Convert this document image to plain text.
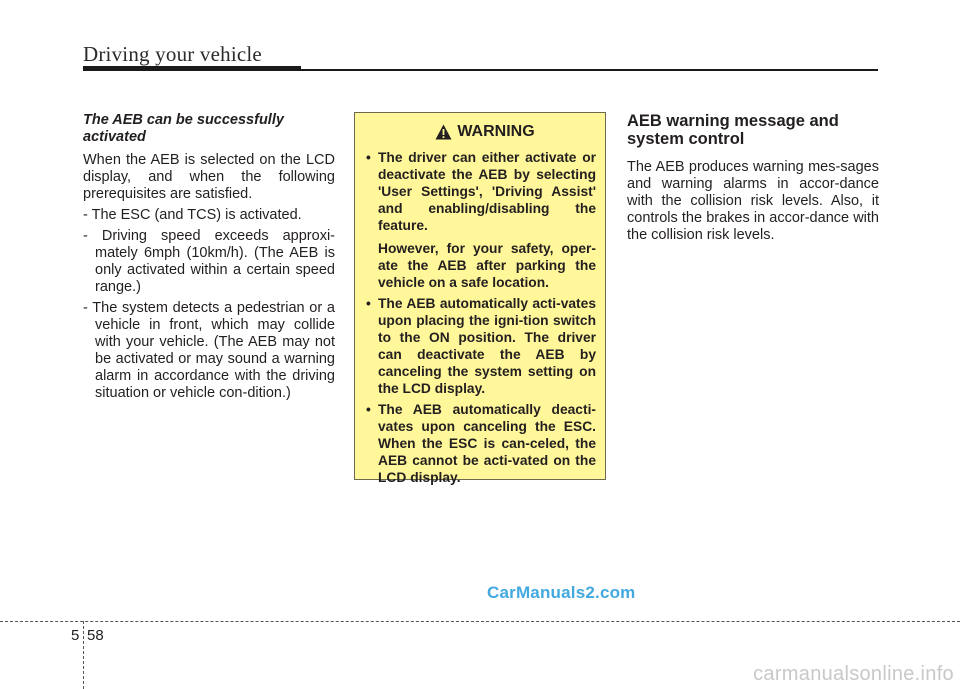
Driving your vehicle

The AEB can be successfully activated

When the AEB is selected on the LCD display, and when the following prerequisites are satisfied.

- The ESC (and TCS) is activated.

- Driving speed exceeds approxi-mately 6mph (10km/h). (The AEB is only activated within a certain speed range.)

- The system detects a pedestrian or a vehicle in front, which may collide with your vehicle. (The AEB may not be activated or may sound a warning alarm in accordance with the driving situation or vehicle con-dition.)

WARNING

• The driver can either activate or deactivate the AEB by selecting 'User Settings', 'Driving Assist' and enabling/disabling the feature.

However, for your safety, oper-ate the AEB after parking the vehicle on a safe location.

• The AEB automatically acti-vates upon placing the igni-tion switch to the ON position. The driver can deactivate the AEB by canceling the system setting on the LCD display.

• The AEB automatically deacti-vates upon canceling the ESC. When the ESC is can-celed, the AEB cannot be acti-vated on the LCD display.

AEB warning message and system control

The AEB produces warning mes-sages and warning alarms in accor-dance with the collision risk levels. Also, it controls the brakes in accor-dance with the collision risk levels.

CarManuals2.com
5 58
carmanualsonline.info
